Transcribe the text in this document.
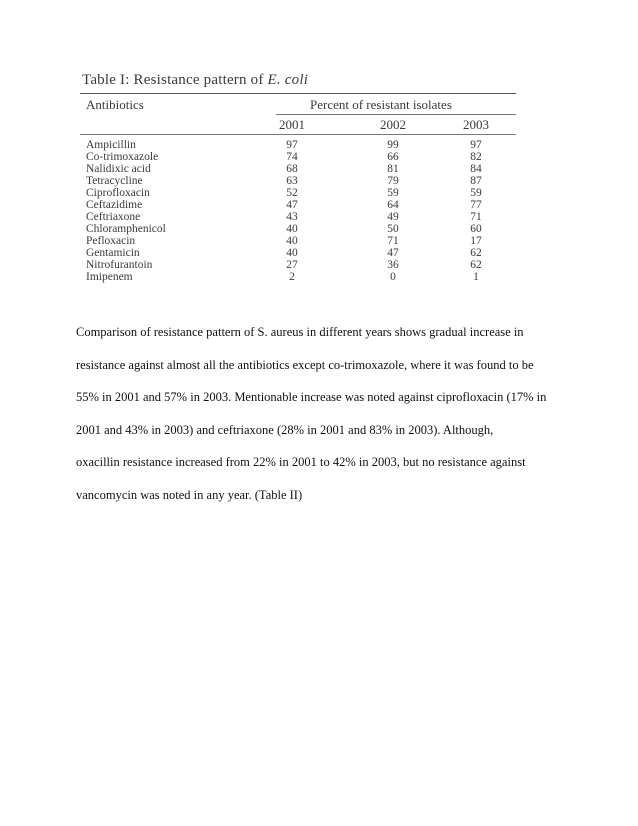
Table I: Resistance pattern of E. coli
Antibiotics	Percent of resistant isolates
2001	2002	2003
Ampicillin	97	99	97
Co-trimoxazole	74	66	82
Nalidixic acid	68	81	84
Tetracycline	63	79	87
Ciprofloxacin	52	59	59
Ceftazidime	47	64	77
Ceftriaxone	43	49	71
Chloramphenicol	40	50	60
Pefloxacin	40	71	17
Gentamicin	40	47	62
Nitrofurantoin	27	36	62
Imipenem	2	0	1
Comparison of resistance pattern of S. aureus in different years shows gradual increase in
resistance against almost all the antibiotics except co-trimoxazole, where it was found to be
55% in 2001 and 57% in 2003. Mentionable increase was noted against ciprofloxacin (17% in
2001 and 43% in 2003) and ceftriaxone (28% in 2001 and 83% in 2003). Although,
oxacillin resistance increased from 22% in 2001 to 42% in 2003, but no resistance against
vancomycin was noted in any year. (Table II)
